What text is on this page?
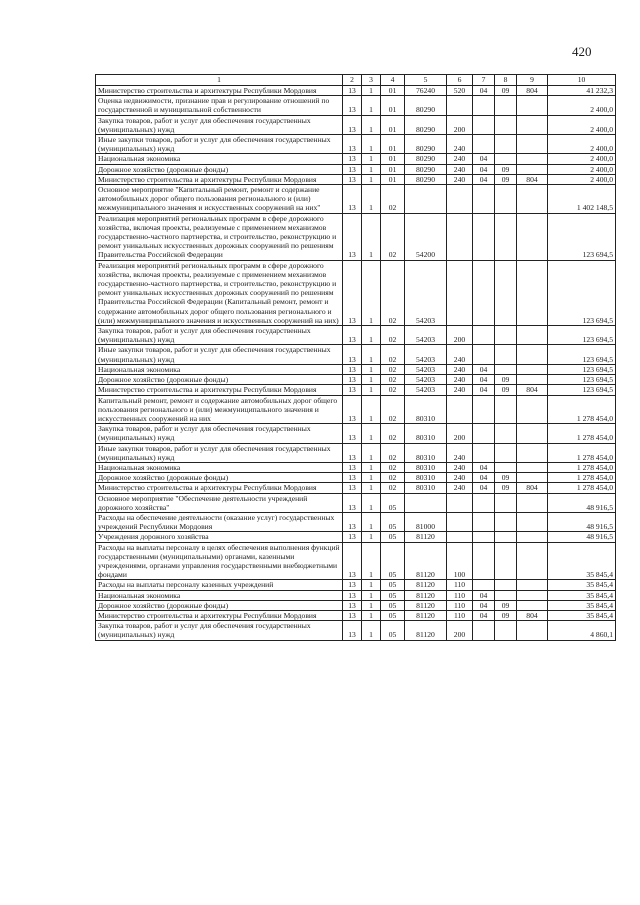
420
1	2	3	4	5	6	7	8	9	10
Министерство строительства и архитектуры Республики Мордовия	13	1	01	76240	520	04	09	804	41 232,3
Оценка недвижимости, признание прав и регулирование отношений по государственной и муниципальной собственности	13	1	01	80290					2 400,0
Закупка товаров, работ и услуг для обеспечения государственных (муниципальных) нужд	13	1	01	80290	200				2 400,0
Иные закупки товаров, работ и услуг для обеспечения государственных (муниципальных) нужд	13	1	01	80290	240				2 400,0
Национальная экономика	13	1	01	80290	240	04			2 400,0
Дорожное хозяйство (дорожные фонды)	13	1	01	80290	240	04	09		2 400,0
Министерство строительства и архитектуры Республики Мордовия	13	1	01	80290	240	04	09	804	2 400,0
Основное мероприятие "Капитальный ремонт, ремонт и содержание автомобильных дорог общего пользования регионального и (или) межмуниципального значения и искусственных сооружений на них"	13	1	02						1 402 148,5
Реализация мероприятий региональных программ в сфере дорожного хозяйства, включая проекты, реализуемые с применением механизмов государственно-частного партнерства, и строительство, реконструкцию и ремонт уникальных искусственных дорожных сооружений по решениям Правительства Российской Федерации	13	1	02	54200					123 694,5
Реализация мероприятий региональных программ в сфере дорожного хозяйства, включая проекты, реализуемые с применением механизмов государственно-частного партнерства, и строительство, реконструкцию и ремонт уникальных искусственных дорожных сооружений по решениям Правительства Российской Федерации (Капитальный ремонт, ремонт и содержание автомобильных дорог общего пользования регионального и (или) межмуниципального значения и искусственных сооружений на них)	13	1	02	54203					123 694,5
Закупка товаров, работ и услуг для обеспечения государственных (муниципальных) нужд	13	1	02	54203	200				123 694,5
Иные закупки товаров, работ и услуг для обеспечения государственных (муниципальных) нужд	13	1	02	54203	240				123 694,5
Национальная экономика	13	1	02	54203	240	04			123 694,5
Дорожное хозяйство (дорожные фонды)	13	1	02	54203	240	04	09		123 694,5
Министерство строительства и архитектуры Республики Мордовия	13	1	02	54203	240	04	09	804	123 694,5
Капитальный ремонт, ремонт и содержание автомобильных дорог общего пользования регионального и (или) межмуниципального значения и искусственных сооружений на них	13	1	02	80310					1 278 454,0
Закупка товаров, работ и услуг для обеспечения государственных (муниципальных) нужд	13	1	02	80310	200				1 278 454,0
Иные закупки товаров, работ и услуг для обеспечения государственных (муниципальных) нужд	13	1	02	80310	240				1 278 454,0
Национальная экономика	13	1	02	80310	240	04			1 278 454,0
Дорожное хозяйство (дорожные фонды)	13	1	02	80310	240	04	09		1 278 454,0
Министерство строительства и архитектуры Республики Мордовия	13	1	02	80310	240	04	09	804	1 278 454,0
Основное мероприятие "Обеспечение деятельности учреждений дорожного хозяйства"	13	1	05						48 916,5
Расходы на обеспечение деятельности (оказание услуг) государственных учреждений Республики Мордовия	13	1	05	81000					48 916,5
Учреждения дорожного хозяйства	13	1	05	81120					48 916,5
Расходы на выплаты персоналу в целях обеспечения выполнения функций государственными (муниципальными) органами, казенными учреждениями, органами управления государственными внебюджетными фондами	13	1	05	81120	100				35 845,4
Расходы на выплаты персоналу казенных учреждений	13	1	05	81120	110				35 845,4
Национальная экономика	13	1	05	81120	110	04			35 845,4
Дорожное хозяйство (дорожные фонды)	13	1	05	81120	110	04	09		35 845,4
Министерство строительства и архитектуры Республики Мордовия	13	1	05	81120	110	04	09	804	35 845,4
Закупка товаров, работ и услуг для обеспечения государственных (муниципальных) нужд	13	1	05	81120	200				4 860,1
